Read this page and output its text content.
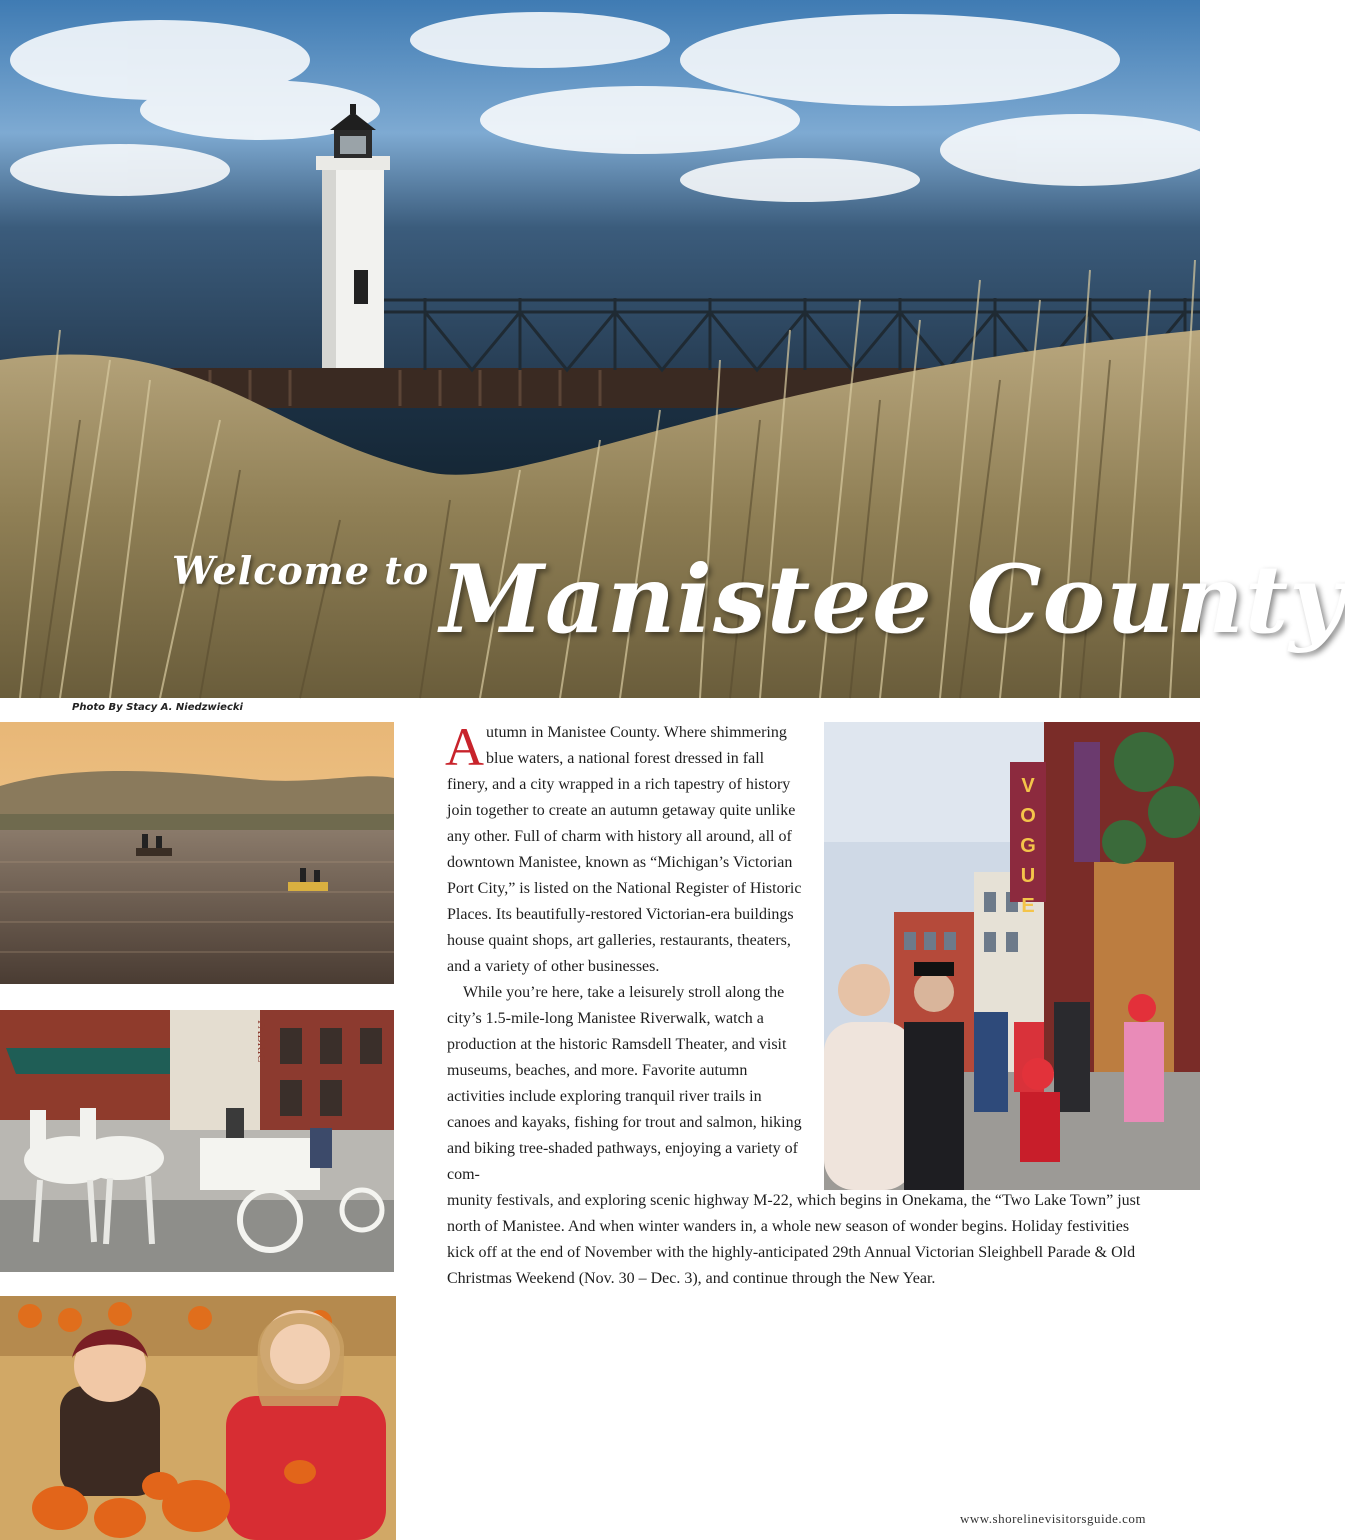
Welcome to Manistee County
Photo By Stacy A. Niedzwiecki
FABRIC
V
O
G
U
E

Autumn in Manistee County. Where shimmering blue waters, a national forest dressed in fall finery, and a city wrapped in a rich tapestry of history join together to create an autumn getaway quite unlike any other. Full of charm with history all around, all of downtown Manistee, known as “Michigan’s Victorian Port City,” is listed on the National Register of Historic Places. Its beautifully-restored Victorian-era buildings house quaint shops, art galleries, restaurants, theaters, and a variety of other businesses.

While you’re here, take a leisurely stroll along the city’s 1.5-mile-long Manistee Riverwalk, watch a production at the historic Ramsdell Theater, and visit museums, beaches, and more. Favorite autumn activities include exploring tranquil river trails in canoes and kayaks, fishing for trout and salmon, hiking and biking tree-shaded pathways, enjoying a variety of com-

munity festivals, and exploring scenic highway M-22, which begins in Onekama, the “Two Lake Town” just north of Manistee. And when winter wanders in, a whole new season of wonder begins. Holiday festivities kick off at the end of November with the highly-anticipated 29th Annual Victorian Sleighbell Parade & Old Christmas Weekend (Nov. 30 – Dec. 3), and continue through the New Year.

www.shorelinevisitorsguide.com
